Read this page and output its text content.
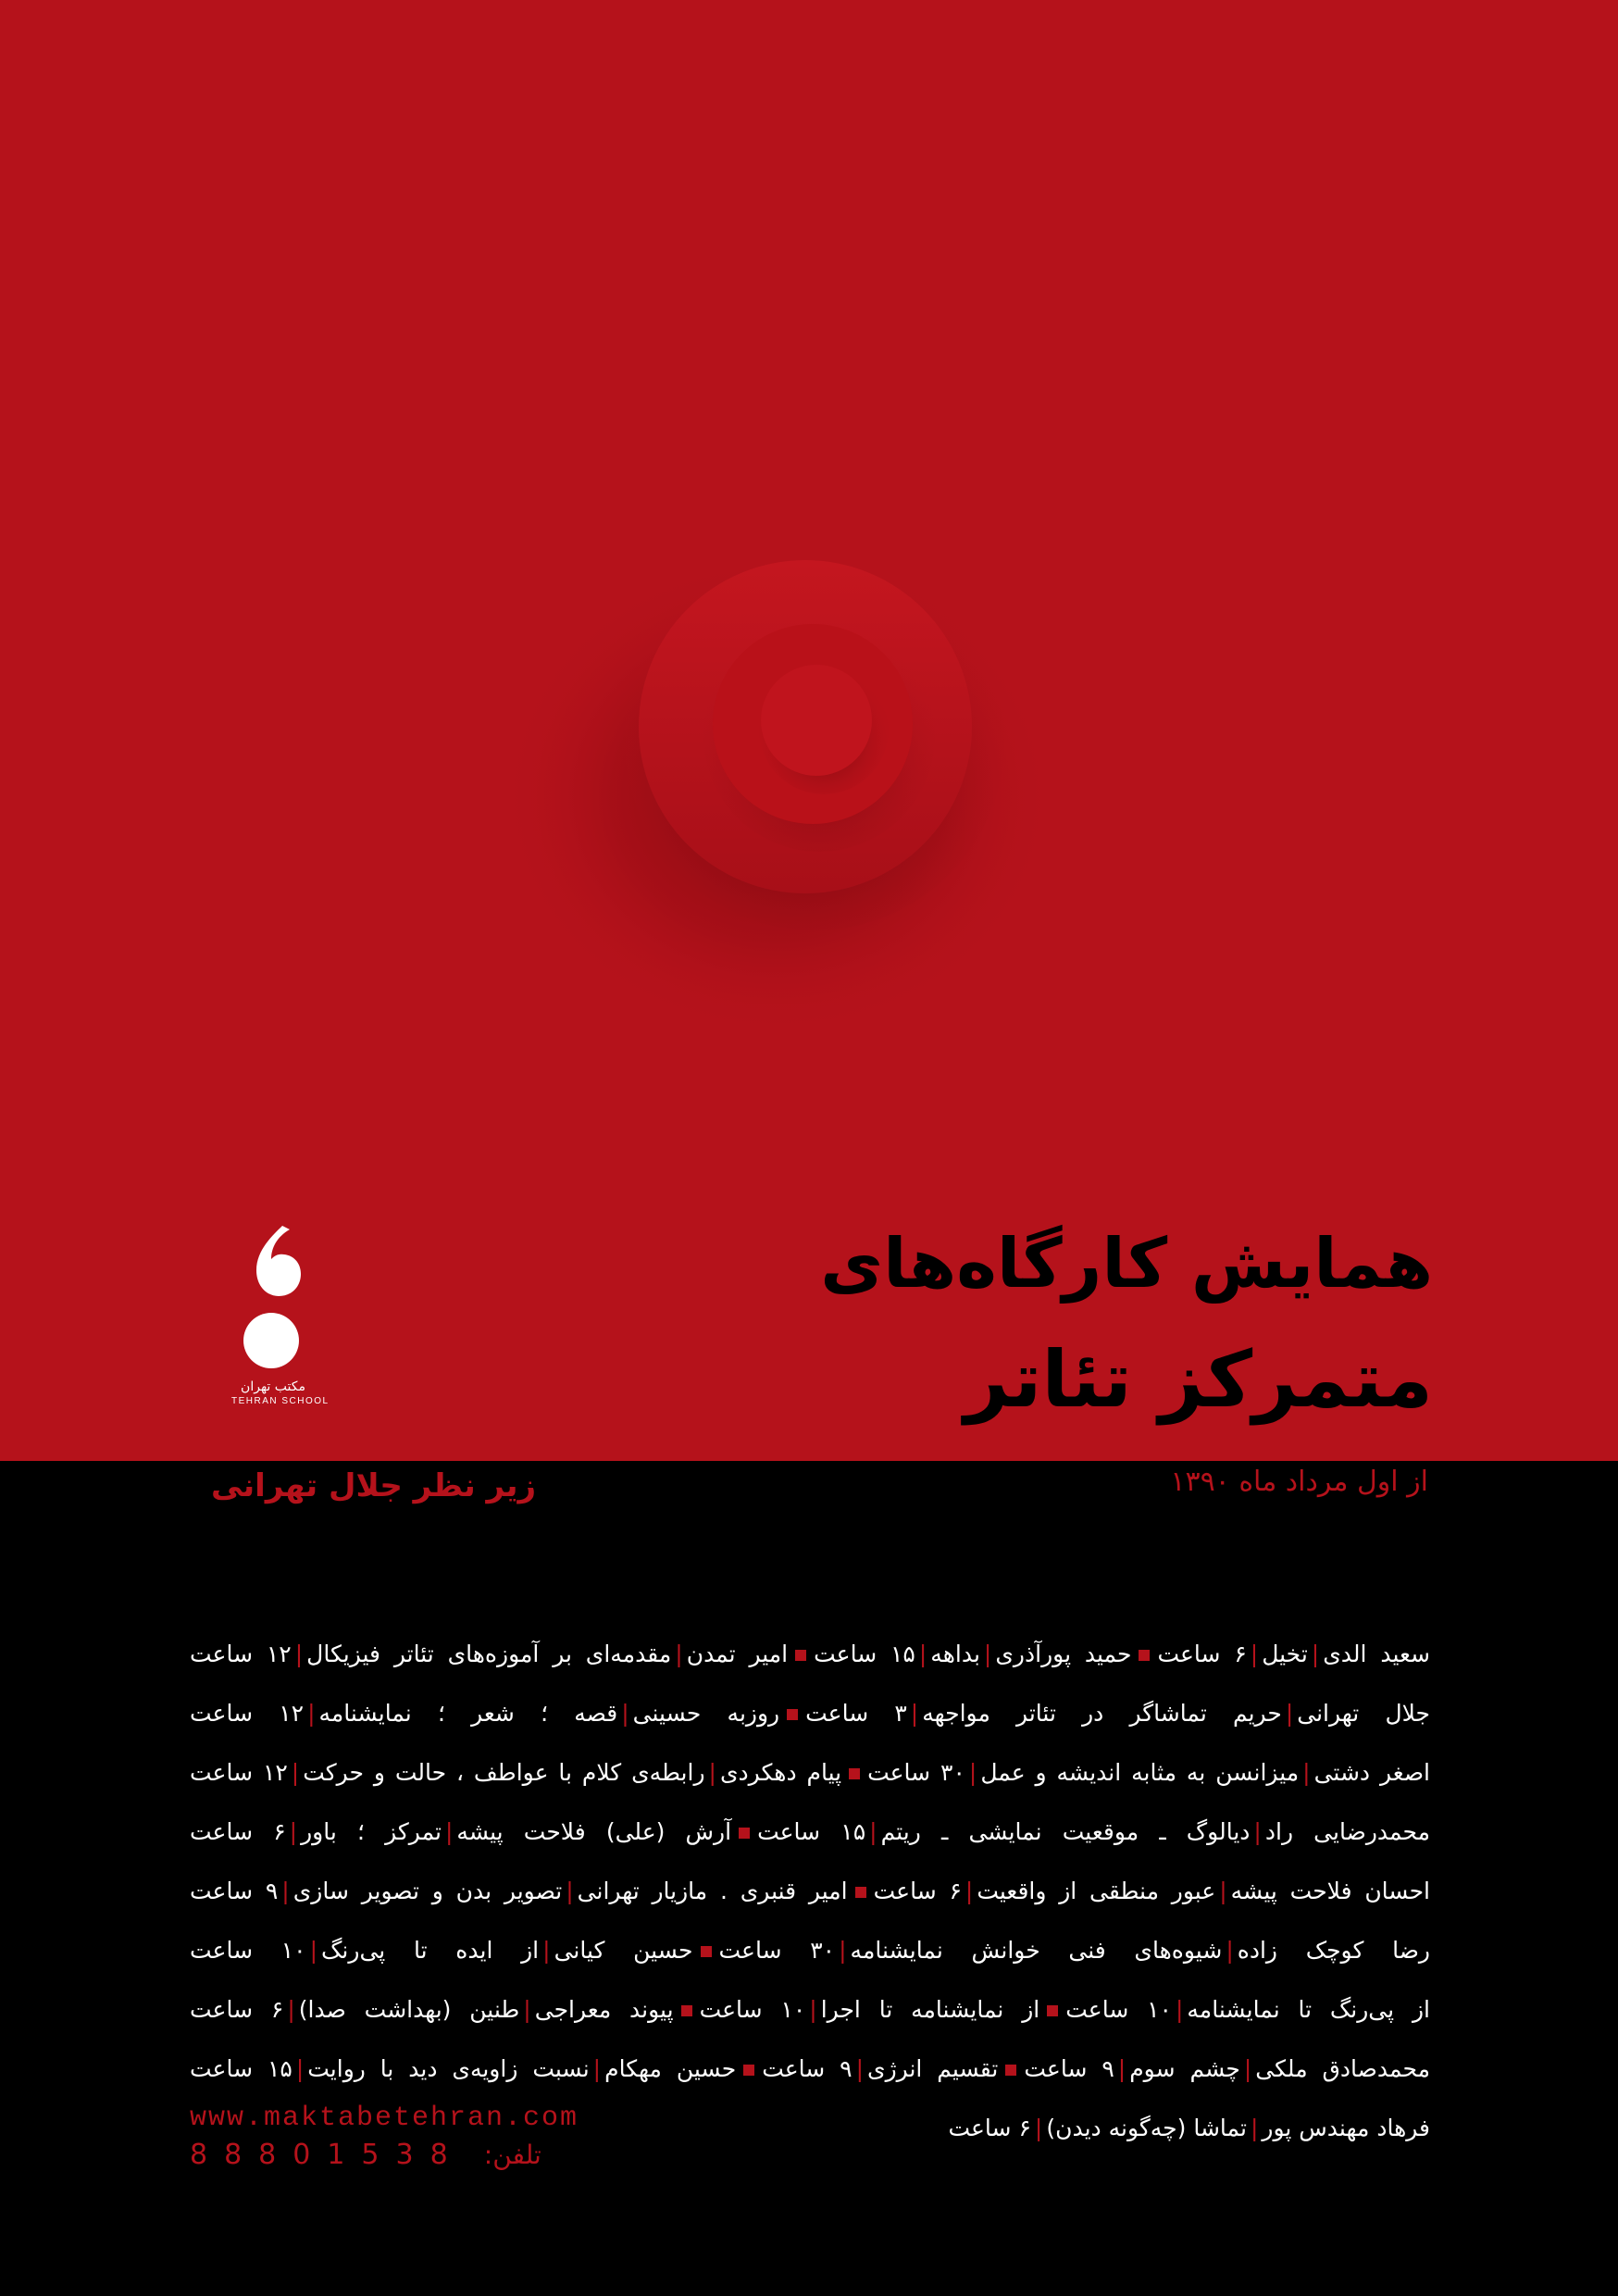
مکتب تهران
TEHRAN SCHOOL
همایش کارگاه‌های
متمرکز تئاتر
از اول مرداد ماه ۱۳۹۰
زیر نظر جلال تهرانی
سعید الدی|تخیل|۶ ساعتحمید پورآذری|بداهه|۱۵ ساعتامیر تمدن|مقدمه‌ای بر آموزه‌های تئاتر فیزیکال|۱۲ ساعت
جلال تهرانی|حریم تماشاگر در تئاتر مواجهه|۳ ساعتروزبه حسینی|قصه ؛ شعر ؛ نمایشنامه|۱۲ ساعت
اصغر دشتی|میزانسن به مثابه اندیشه و عمل|۳۰ ساعتپیام دهکردی|رابطه‌ی کلام با عواطف ، حالت و حرکت|۱۲ ساعت
محمدرضایی راد|دیالوگ ـ موقعیت نمایشی ـ ریتم|۱۵ ساعتآرش (علی) فلاحت پیشه|تمرکز ؛ باور|۶ ساعت
احسان فلاحت پیشه|عبور منطقی از واقعیت|۶ ساعتامیر قنبری . مازیار تهرانی|تصویر بدن و تصویر سازی|۹ ساعت
رضا کوچک زاده|شیوه‌های فنی خوانش نمایشنامه|۳۰ ساعتحسین کیانی|از ایده تا پی‌رنگ|۱۰ ساعت
از پی‌رنگ تا نمایشنامه|۱۰ ساعتاز نمایشنامه تا اجرا|۱۰ ساعتپیوند معراجی|طنین (بهداشت صدا)|۶ ساعت
محمدصادق ملکی|چشم سوم|۹ ساعتتقسیم انرژی|۹ ساعتحسین مهکام|نسبت زاویه‌ی دید با روایت|۱۵ ساعت
فرهاد مهندس پور|تماشا (چه‌گونه دیدن)|۶ ساعت
www.maktabetehran.com
تلفن: 88801538
